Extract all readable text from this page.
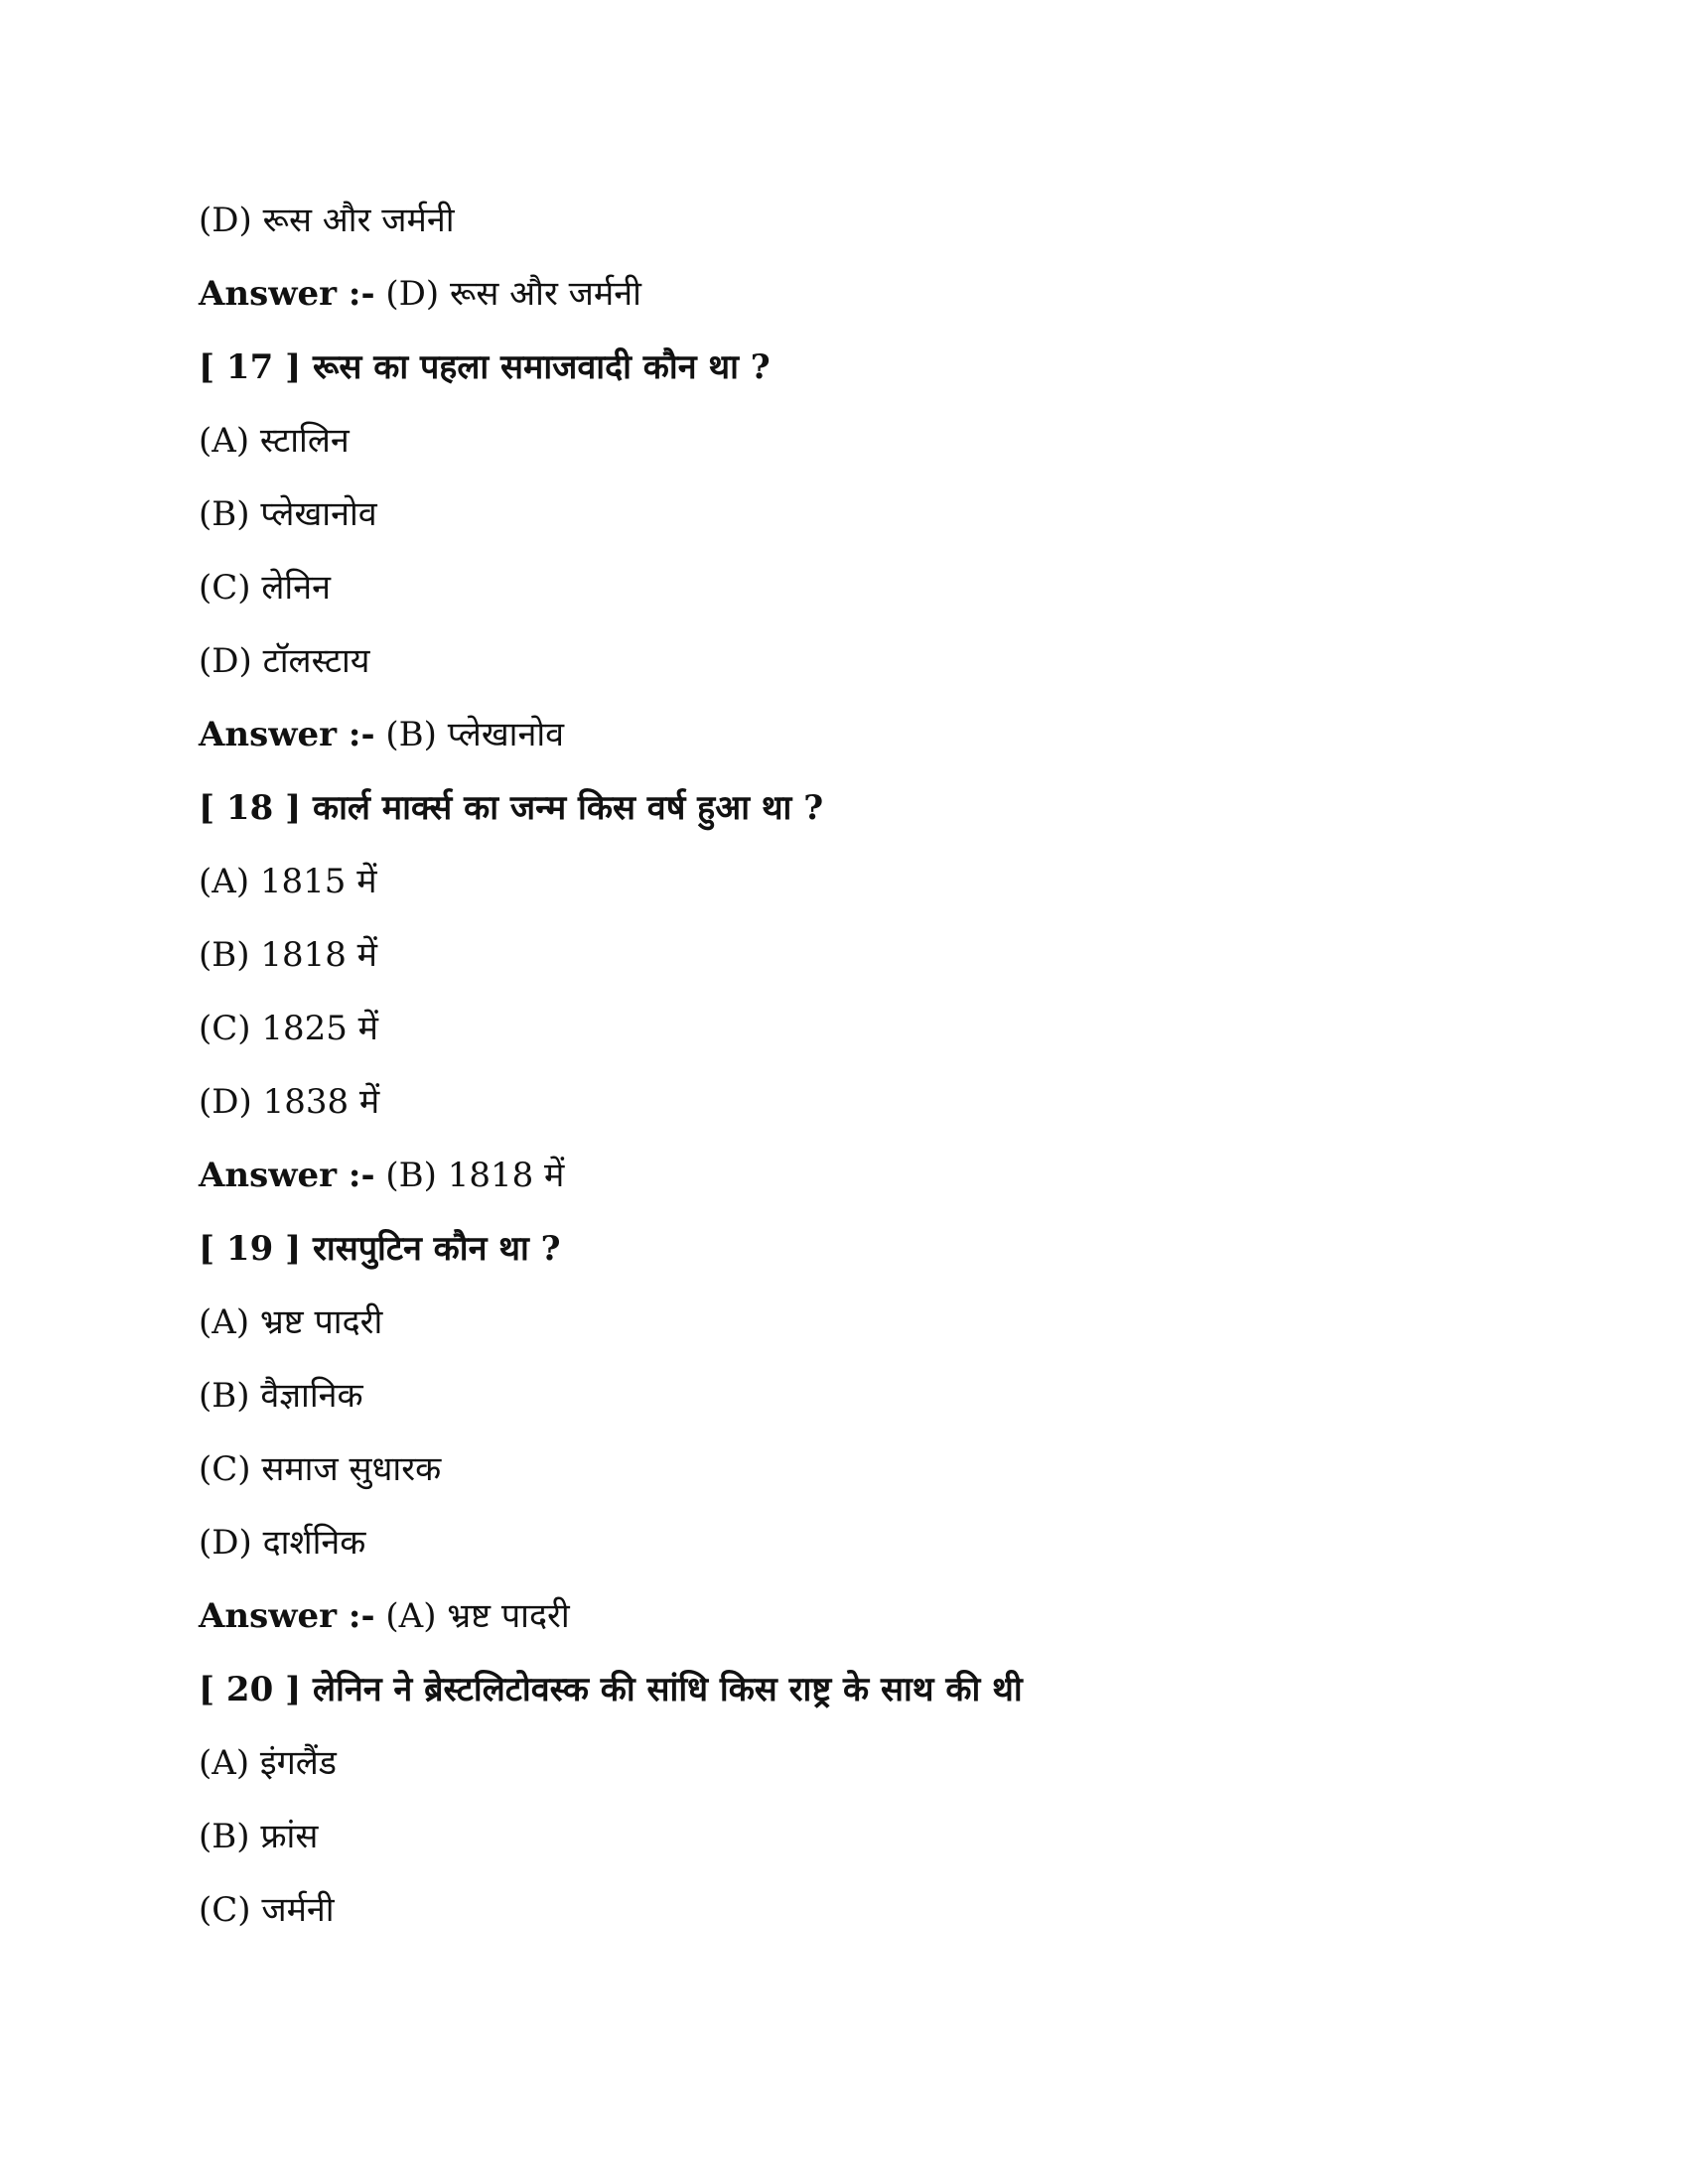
(D) रूस और जर्मनी
Answer :- (D) रूस और जर्मनी
[ 17 ] रूस का पहला समाजवादी कौन था ?
(A) स्टालिन
(B) प्लेखानोव
(C) लेनिन
(D) टॉलस्टाय
Answer :- (B) प्लेखानोव
[ 18 ] कार्ल मार्क्स का जन्म किस वर्ष हुआ था ?
(A) 1815 में
(B) 1818 में
(C) 1825 में
(D) 1838 में
Answer :- (B) 1818 में
[ 19 ] रासपुटिन कौन था ?
(A) भ्रष्ट पादरी
(B) वैज्ञानिक
(C) समाज सुधारक
(D) दार्शनिक
Answer :- (A) भ्रष्ट पादरी
[ 20 ] लेनिन ने ब्रेस्टलिटोवस्क की सांधि किस राष्ट्र के साथ की थी
(A) इंगलैंड
(B) फ्रांस
(C) जर्मनी
